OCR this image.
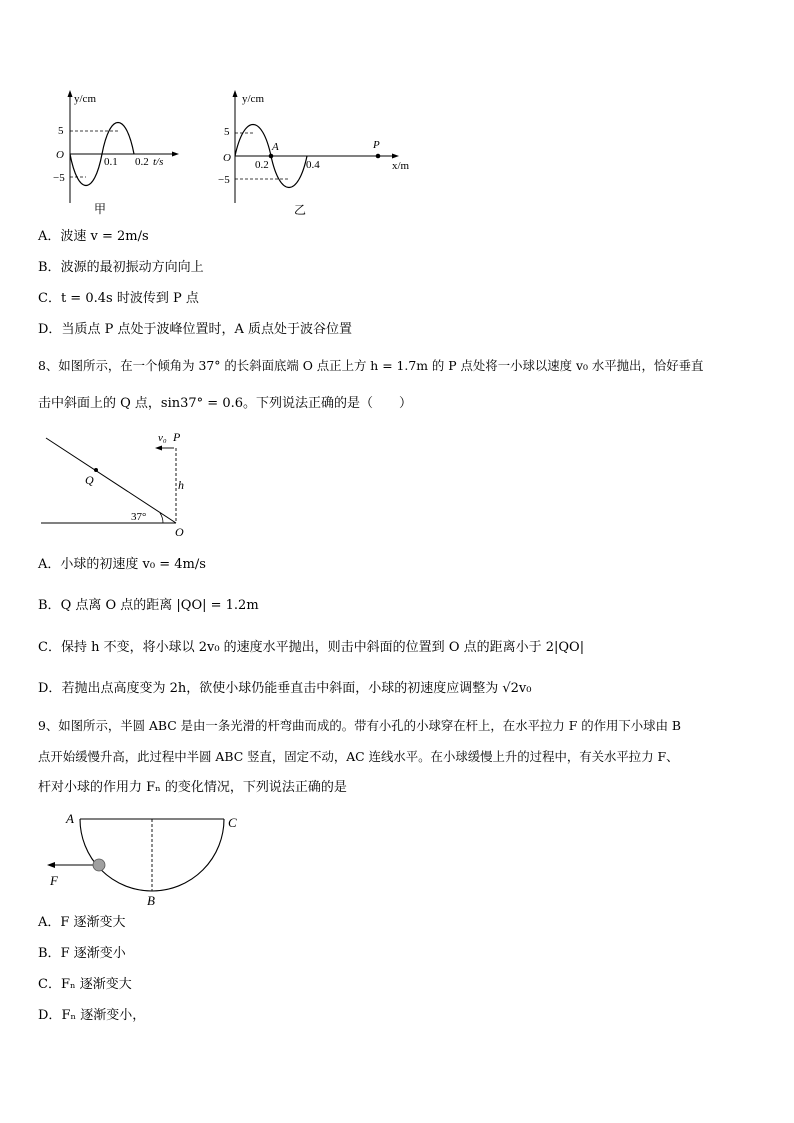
y/cm
5
−5
O
0.1 0.2 t/s
甲
y/cm
5
−5
O
A
0.2	0.4
P
x/m
乙
A．波速 v = 2m/s
B．波源的最初振动方向向上
C．t = 0.4s 时波传到 P 点
D．当质点 P 点处于波峰位置时，A 质点处于波谷位置
8、如图所示，在一个倾角为 37° 的长斜面底端 O 点正上方 h = 1.7m 的 P 点处将一小球以速度 v₀ 水平抛出，恰好垂直
击中斜面上的 Q 点，sin37° = 0.6。下列说法正确的是（　　）
v₀ P
h
Q
37°
O
A．小球的初速度 v₀ = 4m/s
B．Q 点离 O 点的距离 |QO| = 1.2m
C．保持 h 不变，将小球以 2v₀ 的速度水平抛出，则击中斜面的位置到 O 点的距离小于 2|QO|
D．若抛出点高度变为 2h，欲使小球仍能垂直击中斜面，小球的初速度应调整为 √2v₀
9、如图所示，半圆 ABC 是由一条光滑的杆弯曲而成的。带有小孔的小球穿在杆上，在水平拉力 F 的作用下小球由 B
点开始缓慢升高，此过程中半圆 ABC 竖直，固定不动，AC 连线水平。在小球缓慢上升的过程中，有关水平拉力 F、
杆对小球的作用力 Fₙ 的变化情况，下列说法正确的是
A	C
B
F
A．F 逐渐变大
B．F 逐渐变小
C．Fₙ 逐渐变大
D．Fₙ 逐渐变小，
